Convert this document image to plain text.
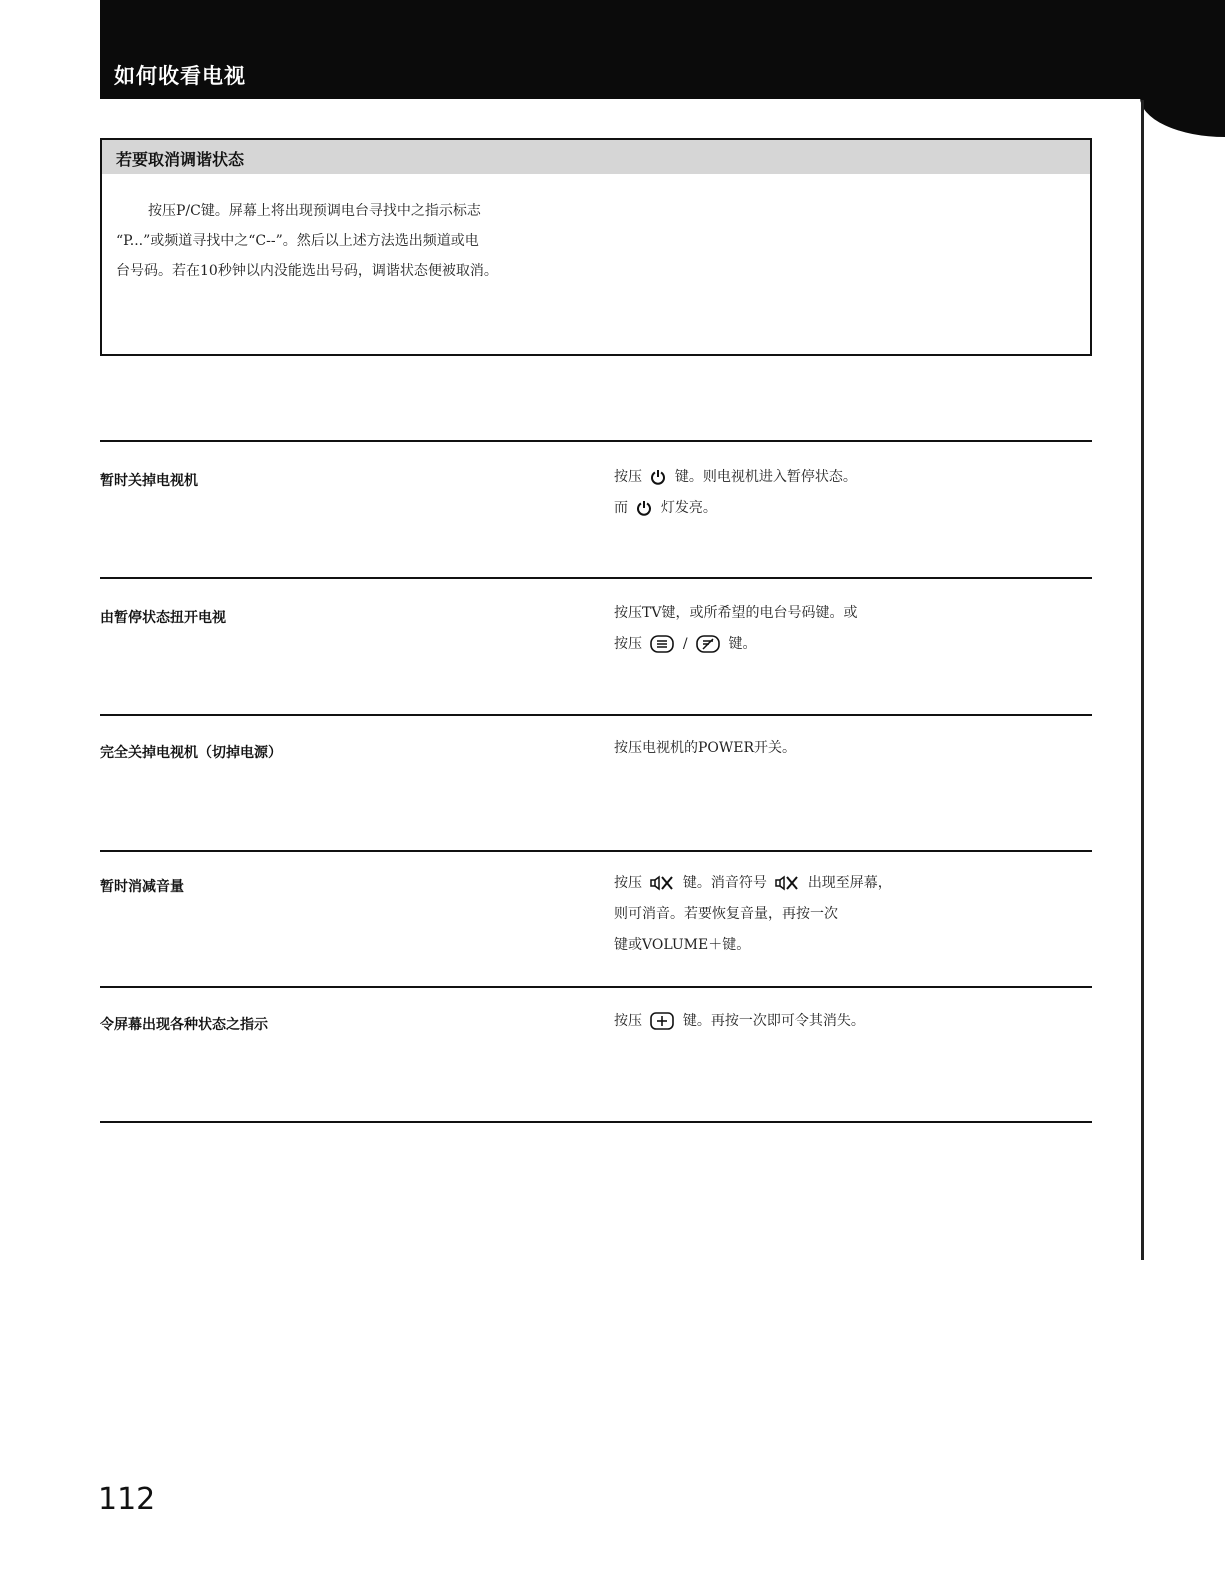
如何收看电视
若要取消调谐状态

按压P/C键。屏幕上将出现预调电台寻找中之指示标志
“P...”或频道寻找中之“C--”。然后以上述方法选出频道或电
台号码。若在10秒钟以内没能选出号码，调谐状态便被取消。

暂时关掉电视机	按压 键。则电视机进入暂停状态。
而 灯发亮。
由暂停状态扭开电视	按压TV键，或所希望的电台号码键。或
按压	/	键。
完全关掉电视机（切掉电源）	按压电视机的POWER开关。
暂时消减音量	按压	键。消音符号	出现至屏幕，
则可消音。若要恢复音量，再按一次
键或VOLUME＋键。
令屏幕出现各种状态之指示	按压	键。再按一次即可令其消失。
112
